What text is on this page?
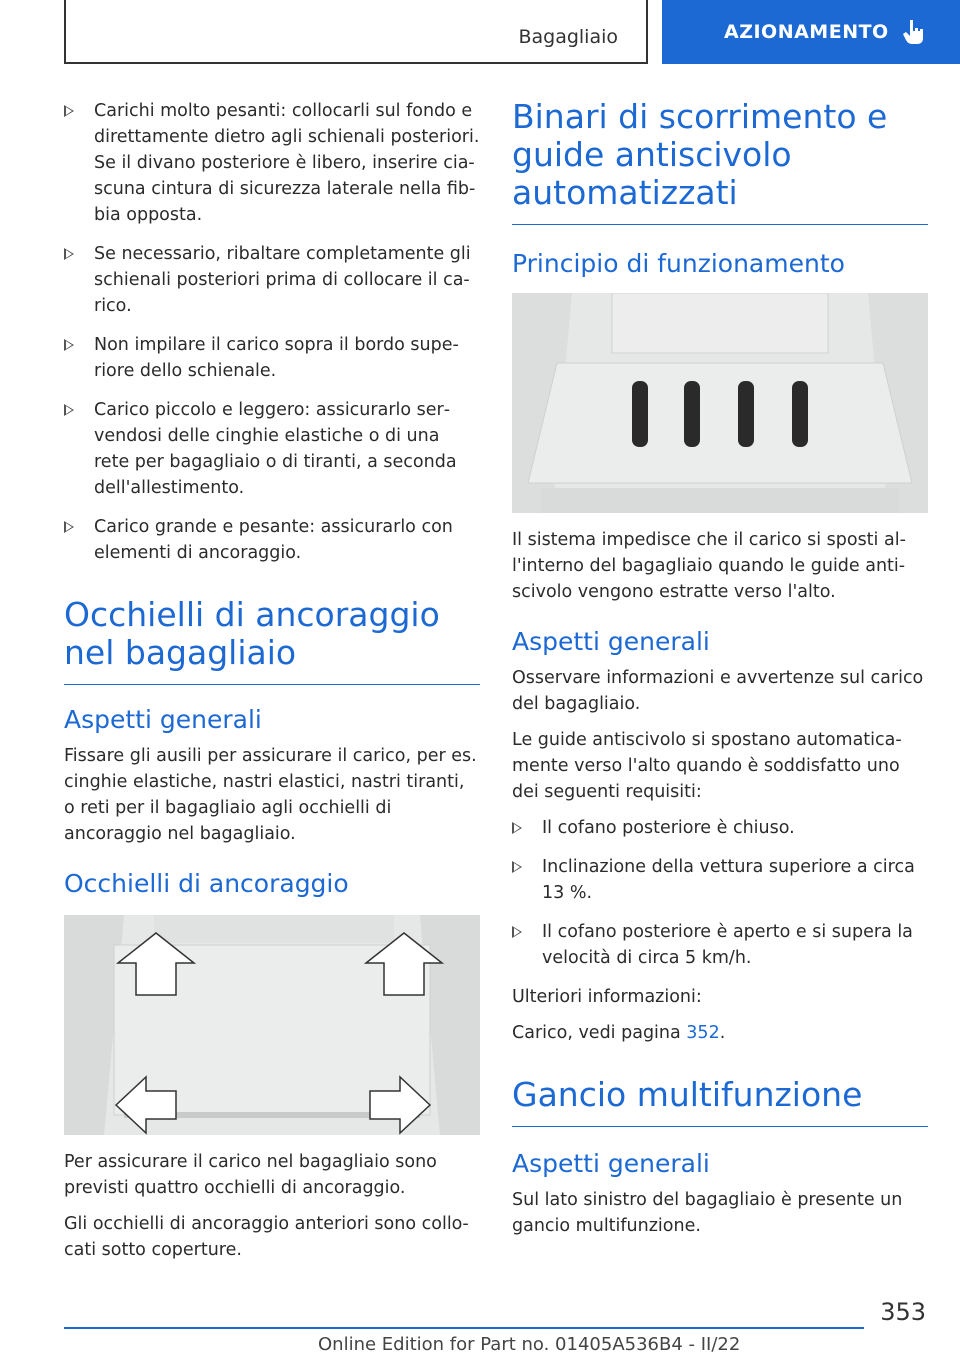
Bagagliaio	AZIONAMENTO
Carichi molto pesanti: collocarli sul fondo e direttamente dietro agli schienali posteriori. Se il divano posteriore è libero, inserire ciascuna cintura di sicurezza laterale nella fibbia opposta.
Se necessario, ribaltare completamente gli schienali posteriori prima di collocare il carico.
Non impilare il carico sopra il bordo superiore dello schienale.
Carico piccolo e leggero: assicurarlo servendosi delle cinghie elastiche o di una rete per bagagliaio o di tiranti, a seconda dell'allestimento.
Carico grande e pesante: assicurarlo con elementi di ancoraggio.
Occhielli di ancoraggio nel bagagliaio
Aspetti generali

Fissare gli ausili per assicurare il carico, per es. cinghie elastiche, nastri elastici, nastri tiranti, o reti per il bagagliaio agli occhielli di ancoraggio nel bagagliaio.

Occhielli di ancoraggio

Per assicurare il carico nel bagagliaio sono previsti quattro occhielli di ancoraggio.

Gli occhielli di ancoraggio anteriori sono collocati sotto coperture.

Binari di scorrimento e guide antiscivolo automatizzati
Principio di funzionamento

Il sistema impedisce che il carico si sposti all'interno del bagagliaio quando le guide antiscivolo vengono estratte verso l'alto.

Aspetti generali

Osservare informazioni e avvertenze sul carico del bagagliaio.

Le guide antiscivolo si spostano automaticamente verso l'alto quando è soddisfatto uno dei seguenti requisiti:

Il cofano posteriore è chiuso.
Inclinazione della vettura superiore a circa 13 %.
Il cofano posteriore è aperto e si supera la velocità di circa 5 km/h.

Ulteriori informazioni:

Carico, vedi pagina 352.

Gancio multifunzione
Aspetti generali

Sul lato sinistro del bagagliaio è presente un gancio multifunzione.

353
Online Edition for Part no. 01405A536B4 - II/22
